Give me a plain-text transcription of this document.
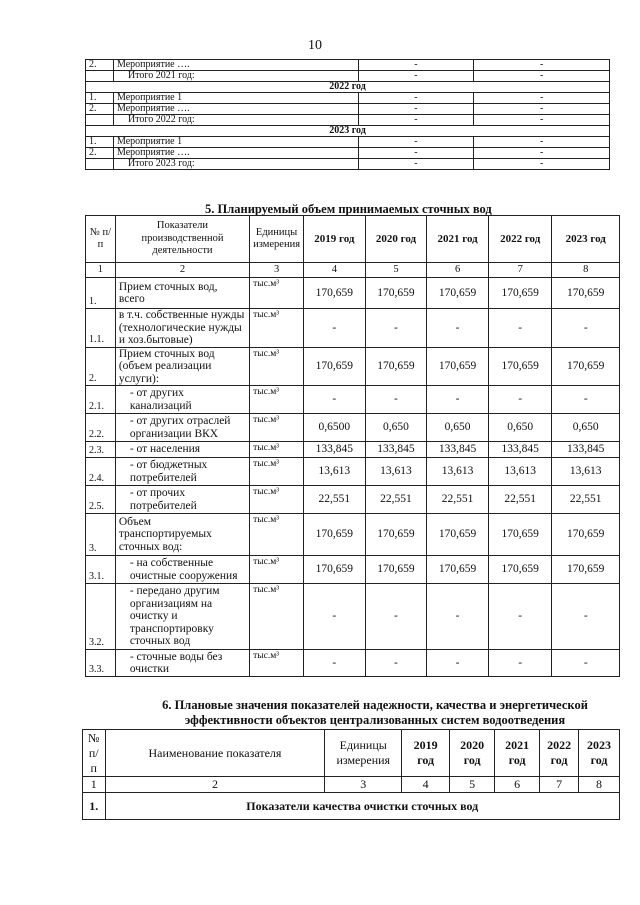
10
2.	Мероприятие ….	-	-
	Итого 2021 год:	-	-
2022 год			
1.	Мероприятие 1	-	-
2.	Мероприятие ….	-	-
	Итого 2022 год:	-	-
2023 год			
1.	Мероприятие 1	-	-
2.	Мероприятие ….	-	-
	Итого 2023 год:	-	-
5. Планируемый объем принимаемых сточных вод
№ п/п	Показатели производственной деятельности	Единицы измерения	2019 год	2020 год	2021 год	2022 год	2023 год
1	2	3	4	5	6	7	8
1.	Прием сточных вод, всего	тыс.м³	170,659	170,659	170,659	170,659	170,659
1.1.	в т.ч. собственные нужды (технологические нужды и хоз.бытовые)	тыс.м³	-	-	-	-	-
2.	Прием сточных вод (объем реализации услуги):	тыс.м³	170,659	170,659	170,659	170,659	170,659
2.1.	- от других канализаций	тыс.м³	-	-	-	-	-
2.2.	- от других отраслей организации ВКХ	тыс.м³	0,6500	0,650	0,650	0,650	0,650
2.3.	- от населения	тыс.м³	133,845	133,845	133,845	133,845	133,845
2.4.	- от бюджетных потребителей	тыс.м³	13,613	13,613	13,613	13,613	13,613
2.5.	- от прочих потребителей	тыс.м³	22,551	22,551	22,551	22,551	22,551
3.	Объем транспортируемых сточных вод:	тыс.м³	170,659	170,659	170,659	170,659	170,659
3.1.	- на собственные очистные сооружения	тыс.м³	170,659	170,659	170,659	170,659	170,659
3.2.	- передано другим организациям на очистку и транспортировку сточных вод	тыс.м³	-	-	-	-	-
3.3.	- сточные воды без очистки	тыс.м³	-	-	-	-	-
6. Плановые значения показателей надежности, качества и энергетической
эффективности объектов централизованных систем водоотведения
№ п/ п	Наименование показателя	Единицы измерения	2019 год	2020 год	2021 год	2022 год	2023 год
1	2	3	4	5	6	7	8
1.	Показатели качества очистки сточных вод						
